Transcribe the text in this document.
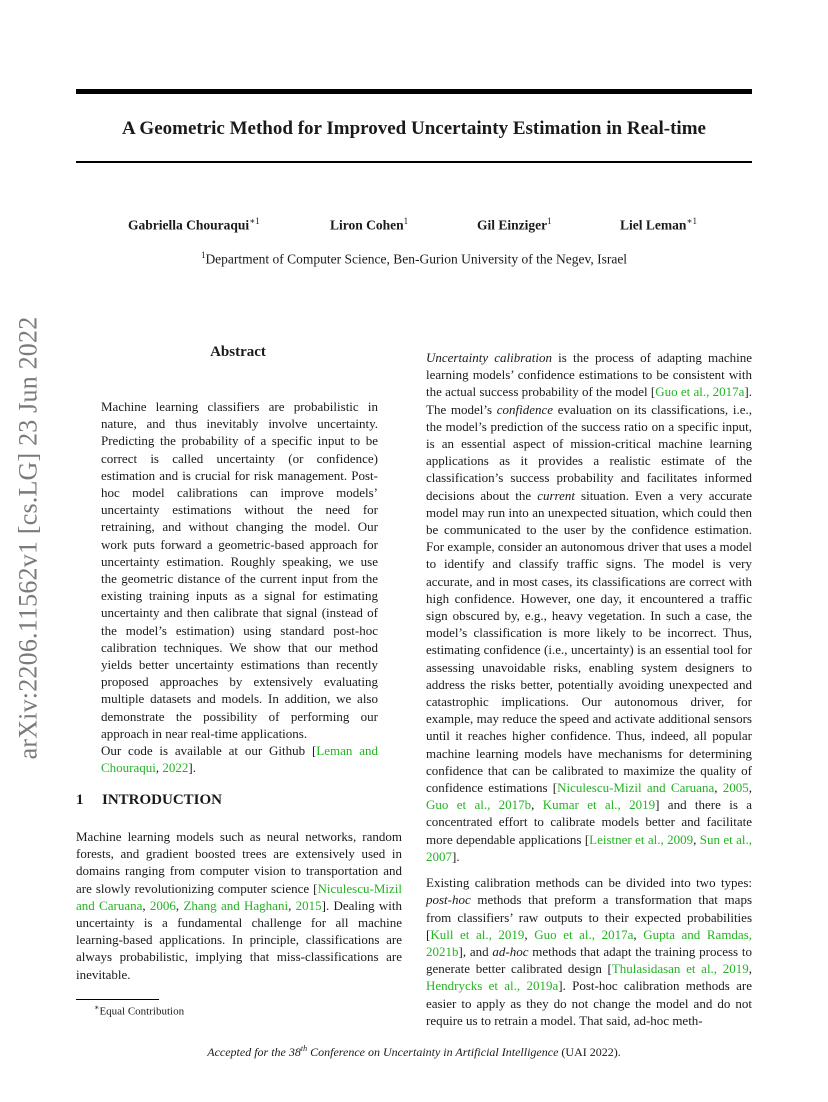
A Geometric Method for Improved Uncertainty Estimation in Real-time
Gabriella Chouraqui$^{∗1}$	Liron Cohen$^1$	Gil Einziger$^1$	Liel Leman$^{∗1}$
$^1$Department of Computer Science, Ben-Gurion University of the Negev, Israel
arXiv:2206.11562v1 [cs.LG] 23 Jun 2022	Abstract

Machine learning classifiers are probabilistic in nature, and thus inevitably involve uncertainty. Predicting the probability of a specific input to be correct is called uncertainty (or confidence) estimation and is crucial for risk management. Post-hoc model calibrations can improve models’ uncertainty estimations without the need for retraining, and without changing the model. Our work puts forward a geometric-based approach for uncertainty estimation. Roughly speaking, we use the geometric distance of the current input from the existing training inputs as a signal for estimating uncertainty and then calibrate that signal (instead of the model’s estimation) using standard post-hoc calibration techniques. We show that our method yields better uncertainty estimations than recently proposed approaches by extensively evaluating multiple datasets and models. In addition, we also demonstrate the possibility of performing our approach in near real-time applications.

Our code is available at our Github [Leman and Chouraqui, 2022].

1 INTRODUCTION

Machine learning models such as neural networks, random forests, and gradient boosted trees are extensively used in domains ranging from computer vision to transportation and are slowly revolutionizing computer science [Niculescu-Mizil and Caruana, 2006, Zhang and Haghani, 2015]. Dealing with uncertainty is a fundamental challenge for all machine learning-based applications. In principle, classifications are always probabilistic, implying that miss-classifications are inevitable.

Uncertainty calibration is the process of adapting machine learning models’ confidence estimations to be consistent with the actual success probability of the model [Guo et al., 2017a]. The model’s confidence evaluation on its classifications, i.e., the model’s prediction of the success ratio on a specific input, is an essential aspect of mission-critical machine learning applications as it provides a realistic estimate of the classification’s success probability and facilitates informed decisions about the current situation. Even a very accurate model may run into an unexpected situation, which could then be communicated to the user by the confidence estimation. For example, consider an autonomous driver that uses a model to identify and classify traffic signs. The model is very accurate, and in most cases, its classifications are correct with high confidence. However, one day, it encountered a traffic sign obscured by, e.g., heavy vegetation. In such a case, the model’s classification is more likely to be incorrect. Thus, estimating confidence (i.e., uncertainty) is an essential tool for assessing unavoidable risks, enabling system designers to address the risks better, potentially avoiding unexpected and catastrophic implications. Our autonomous driver, for example, may reduce the speed and activate additional sensors until it reaches higher confidence. Thus, indeed, all popular machine learning models have mechanisms for determining confidence that can be calibrated to maximize the quality of confidence estimations [Niculescu-Mizil and Caruana, 2005, Guo et al., 2017b, Kumar et al., 2019] and there is a concentrated effort to calibrate models better and facilitate more dependable applications [Leistner et al., 2009, Sun et al., 2007].

Existing calibration methods can be divided into two types: post-hoc methods that preform a transformation that maps from classifiers’ raw outputs to their expected probabilities [Kull et al., 2019, Guo et al., 2017a, Gupta and Ramdas, 2021b], and ad-hoc methods that adapt the training process to generate better calibrated design [Thulasidasan et al., 2019, Hendrycks et al., 2019a]. Post-hoc calibration methods are easier to apply as they do not change the model and do not require us to retrain a model. That said, ad-hoc meth-

∗Equal Contribution
Accepted for the 38th Conference on Uncertainty in Artificial Intelligence (UAI 2022).
